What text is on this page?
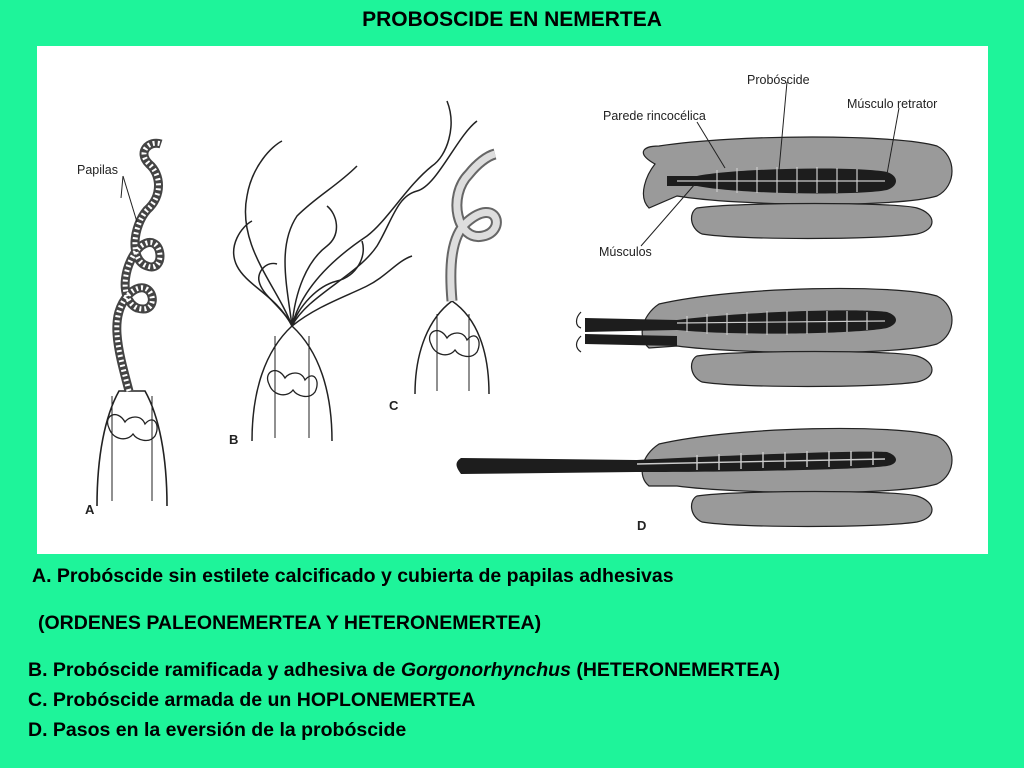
PROBOSCIDE EN NEMERTEA
Papilas
A
B
C
Probóscide
Músculo retrator
Parede rincocélica
Músculos
D
A. Probóscide sin estilete calcificado y cubierta de papilas adhesivas
(ORDENES PALEONEMERTEA Y HETERONEMERTEA)
B. Probóscide ramificada y adhesiva de Gorgonorhynchus (HETERONEMERTEA)
C. Probóscide armada de un HOPLONEMERTEA
D. Pasos en la eversión de la probóscide
